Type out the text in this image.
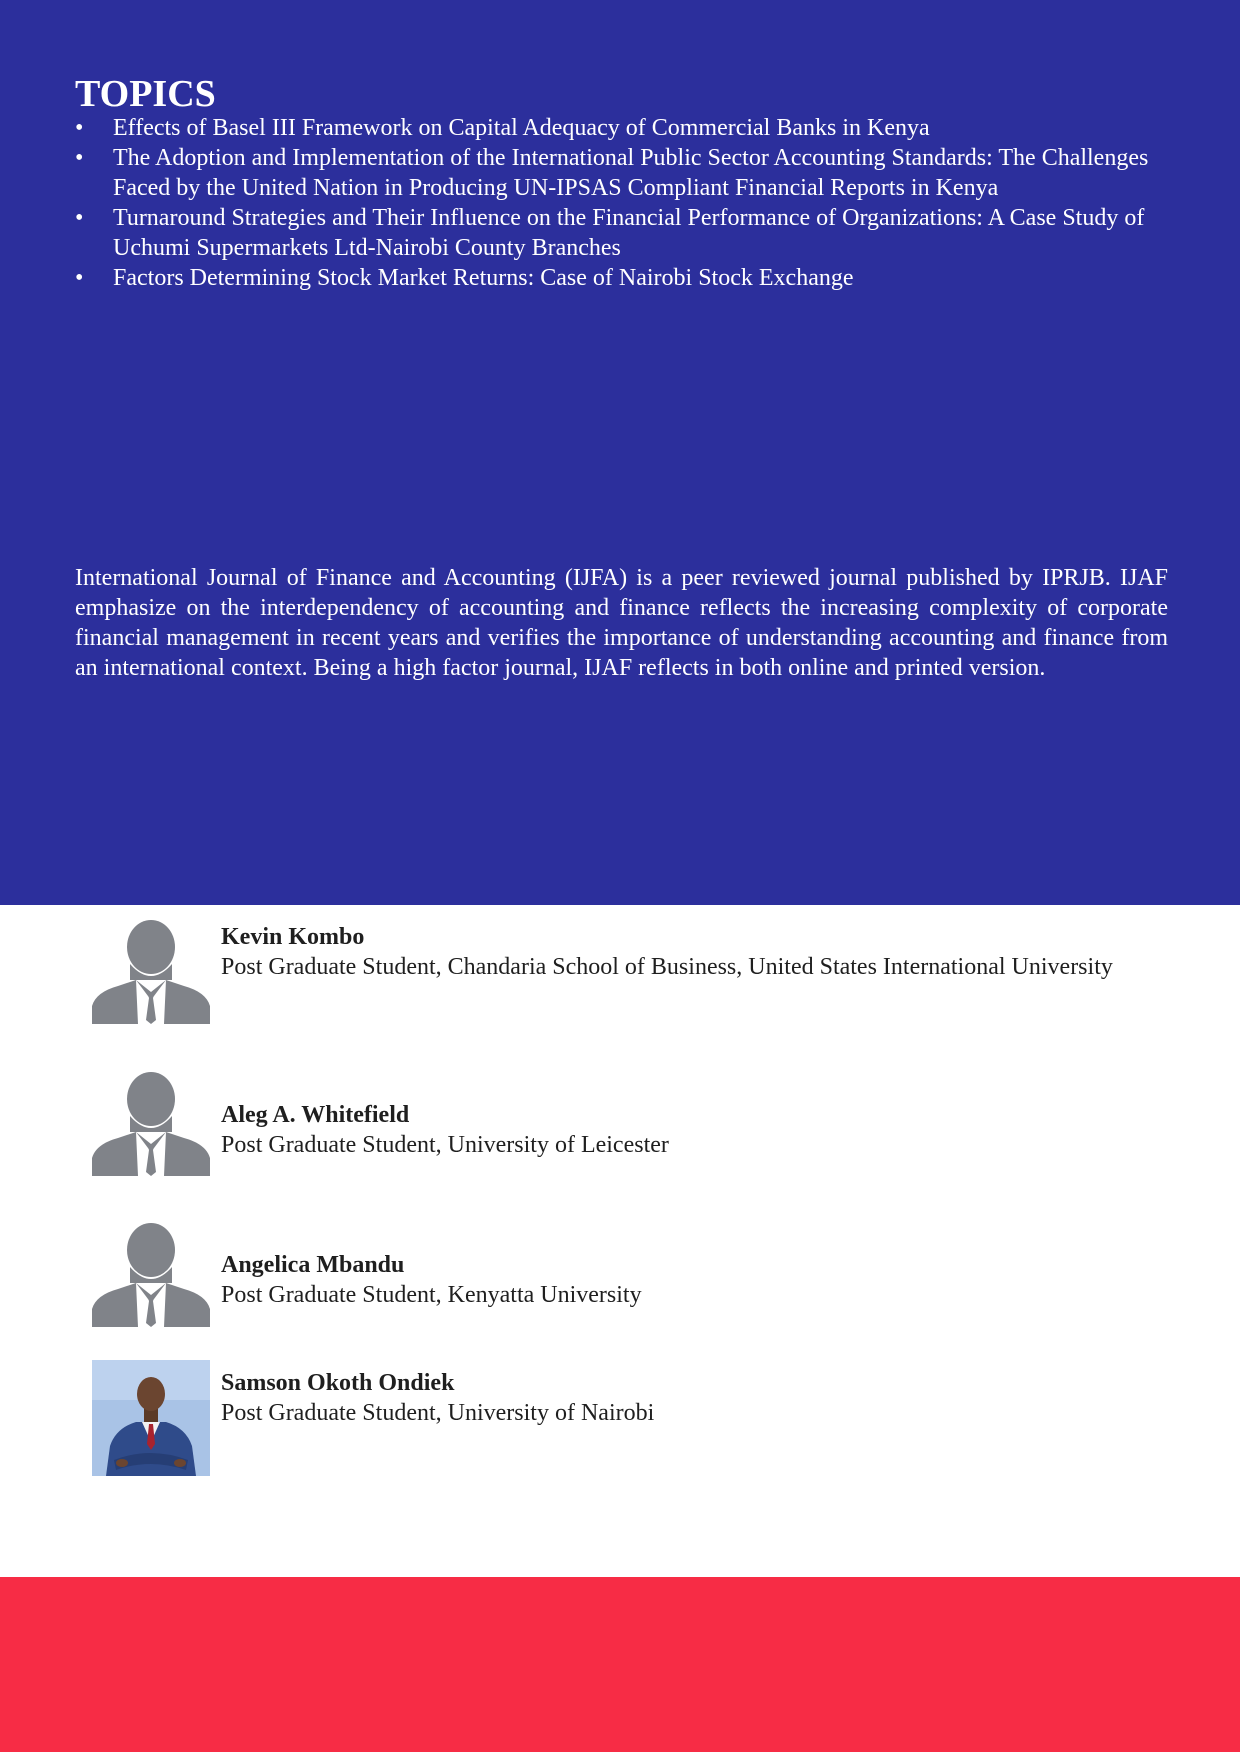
TOPICS
•	Effects of Basel III Framework on Capital Adequacy of Commercial Banks in Kenya
•	The Adoption and Implementation of the International Public Sector Accounting Standards: The Challenges Faced by the United Nation in Producing UN-IPSAS Compliant Financial Reports in Kenya
•	Turnaround Strategies and Their Influence on the Financial Performance of Organizations: A Case Study of Uchumi Supermarkets Ltd-Nairobi County Branches
•	Factors Determining Stock Market Returns: Case of Nairobi Stock Exchange

International Journal of Finance and Accounting (IJFA) is a peer reviewed journal published by IPRJB. IJAF emphasize on the interdependency of accounting and finance reflects the increasing complexity of corporate financial management in recent years and verifies the importance of understanding accounting and finance from an international context. Being a high factor journal, IJAF reflects in both online and printed version.

Kevin Kombo
Post Graduate Student, Chandaria School of Business, United States International University
Aleg A. Whitefield
Post Graduate Student, University of Leicester
Angelica Mbandu
Post Graduate Student, Kenyatta University
Samson Okoth Ondiek
Post Graduate Student, University of Nairobi
